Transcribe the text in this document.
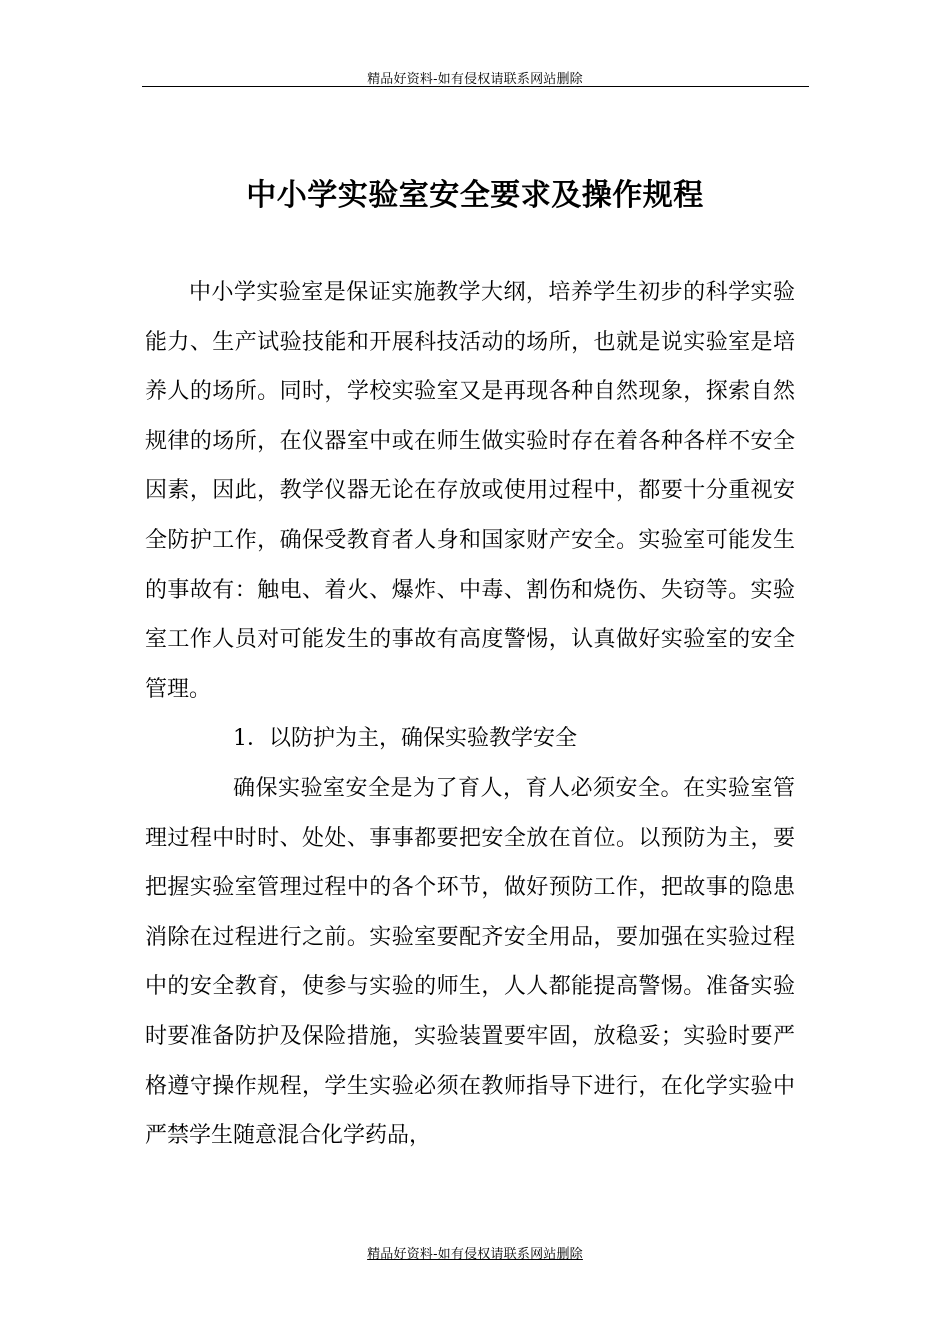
精品好资料-如有侵权请联系网站删除
中小学实验室安全要求及操作规程

中小学实验室是保证实施教学大纲，培养学生初步的科学实验能力、生产试验技能和开展科技活动的场所，也就是说实验室是培养人的场所。同时，学校实验室又是再现各种自然现象，探索自然规律的场所，在仪器室中或在师生做实验时存在着各种各样不安全因素，因此，教学仪器无论在存放或使用过程中，都要十分重视安全防护工作，确保受教育者人身和国家财产安全。实验室可能发生的事故有：触电、着火、爆炸、中毒、割伤和烧伤、失窃等。实验室工作人员对可能发生的事故有高度警惕，认真做好实验室的安全管理。

1．以防护为主，确保实验教学安全

确保实验室安全是为了育人，育人必须安全。在实验室管理过程中时时、处处、事事都要把安全放在首位。以预防为主，要把握实验室管理过程中的各个环节，做好预防工作，把故事的隐患消除在过程进行之前。实验室要配齐安全用品，要加强在实验过程中的安全教育，使参与实验的师生，人人都能提高警惕。准备实验时要准备防护及保险措施，实验装置要牢固，放稳妥；实验时要严格遵守操作规程，学生实验必须在教师指导下进行，在化学实验中严禁学生随意混合化学药品，

精品好资料-如有侵权请联系网站删除
